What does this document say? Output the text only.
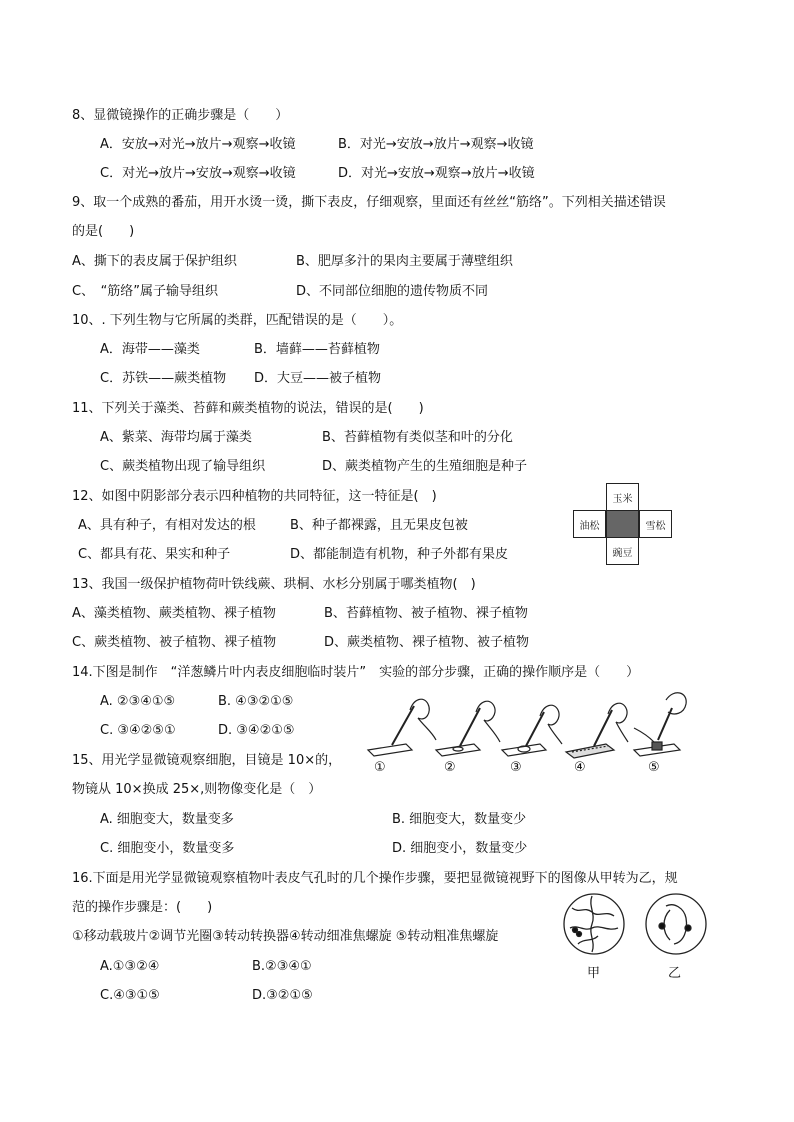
8、显微镜操作的正确步骤是（　　）
A．安放→对光→放片→观察→收镜	B．对光→安放→放片→观察→收镜
C．对光→放片→安放→观察→收镜	D．对光→安放→观察→放片→收镜
9、取一个成熟的番茄，用开水烫一烫，撕下表皮，仔细观察，里面还有丝丝“筋络”。下列相关描述错误
的是(　　)
A、撕下的表皮属于保护组织	B、肥厚多汁的果肉主要属于薄壁组织
C、　“筋络”属子输导组织	D、不同部位细胞的遗传物质不同
10、. 下列生物与它所属的类群，匹配错误的是（　　）。
A．海带——藻类	B．墙藓——苔藓植物
C．苏铁——蕨类植物 D．大豆——被子植物
11、下列关于藻类、苔藓和蕨类植物的说法，错误的是(　　)
A、紫菜、海带均属于藻类	B、苔藓植物有类似茎和叶的分化
C、蕨类植物出现了输导组织	D、蕨类植物产生的生殖细胞是种子
12、如图中阴影部分表示四种植物的共同特征，这一特征是(　)
A、具有种子，有相对发达的根	B、种子都裸露，且无果皮包被
C、都具有花、果实和种子	D、都能制造有机物，种子外都有果皮
玉米
油松	雪松
豌豆
13、我国一级保护植物荷叶铁线蕨、珙桐、水杉分别属于哪类植物(　)
A、藻类植物、蕨类植物、裸子植物	B、苔藓植物、被子植物、裸子植物
C、蕨类植物、被子植物、裸子植物	D、蕨类植物、裸子植物、被子植物
14.下图是制作　“洋葱鳞片叶内表皮细胞临时装片”　实验的部分步骤，正确的操作顺序是（　　）
A. ②③④①⑤	B. ④③②①⑤
C. ③④②⑤①	D. ③④②①⑤
①	②	③	④	⑤
15、用光学显微镜观察细胞，目镜是 10×的，
物镜从 10×换成 25×,则物像变化是（　）
A. 细胞变大，数量变多	B. 细胞变大，数量变少
C. 细胞变小，数量变多	D. 细胞变小，数量变少
16.下面是用光学显微镜观察植物叶表皮气孔时的几个操作步骤，要把显微镜视野下的图像从甲转为乙，规
范的操作步骤是：(　　)
①移动载玻片②调节光圈③转动转换器④转动细准焦螺旋 ⑤转动粗准焦螺旋
A.①③②④	B.②③④①
C.④③①⑤	D.③②①⑤
甲	乙
